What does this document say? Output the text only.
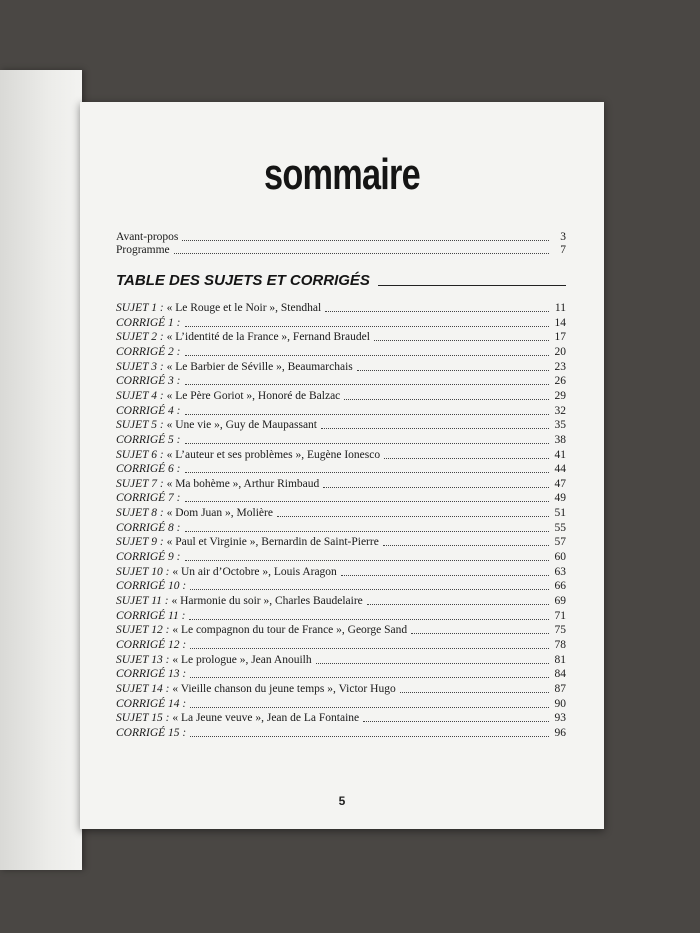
sommaire
Avant-propos	3
Programme	7
TABLE DES SUJETS ET CORRIGÉS
SUJET 1 : « Le Rouge et le Noir », Stendhal	11
CORRIGÉ 1 :	14
SUJET 2 : « L’identité de la France », Fernand Braudel	17
CORRIGÉ 2 :	20
SUJET 3 : « Le Barbier de Séville », Beaumarchais	23
CORRIGÉ 3 :	26
SUJET 4 : « Le Père Goriot », Honoré de Balzac	29
CORRIGÉ 4 :	32
SUJET 5 : « Une vie », Guy de Maupassant	35
CORRIGÉ 5 :	38
SUJET 6 : « L’auteur et ses problèmes », Eugène Ionesco	41
CORRIGÉ 6 :	44
SUJET 7 : « Ma bohème », Arthur Rimbaud	47
CORRIGÉ 7 :	49
SUJET 8 : « Dom Juan », Molière	51
CORRIGÉ 8 :	55
SUJET 9 : « Paul et Virginie », Bernardin de Saint-Pierre	57
CORRIGÉ 9 :	60
SUJET 10 : « Un air d’Octobre », Louis Aragon	63
CORRIGÉ 10 :	66
SUJET 11 : « Harmonie du soir », Charles Baudelaire	69
CORRIGÉ 11 :	71
SUJET 12 : « Le compagnon du tour de France », George Sand	75
CORRIGÉ 12 :	78
SUJET 13 : « Le prologue », Jean Anouilh	81
CORRIGÉ 13 :	84
SUJET 14 : « Vieille chanson du jeune temps », Victor Hugo	87
CORRIGÉ 14 :	90
SUJET 15 : « La Jeune veuve », Jean de La Fontaine	93
CORRIGÉ 15 :	96
5
